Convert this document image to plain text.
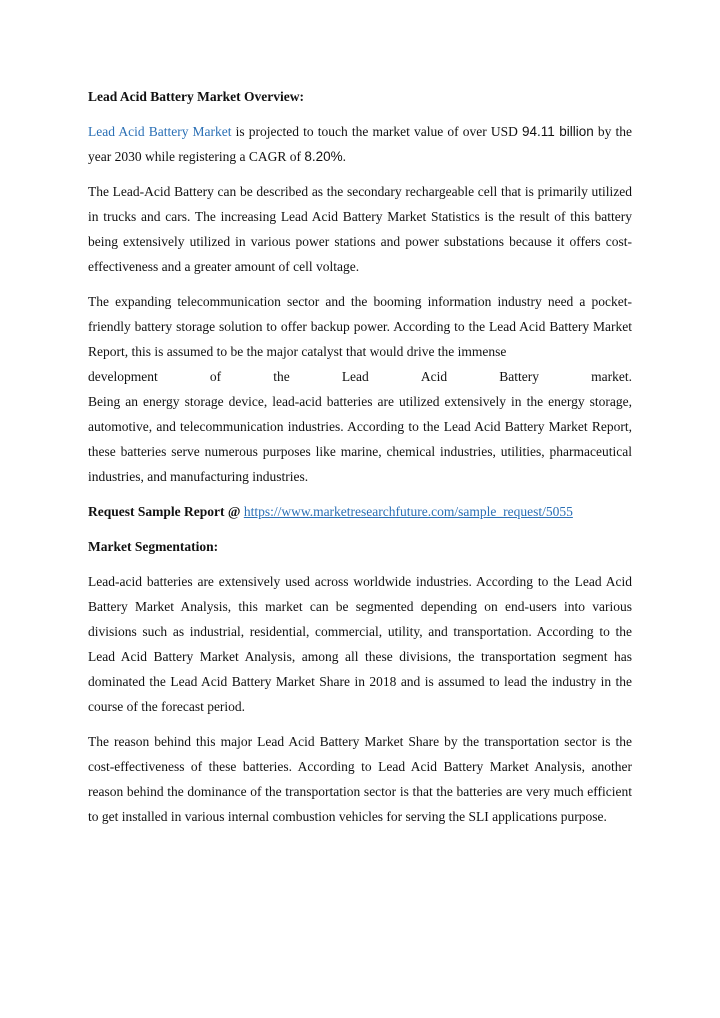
Lead Acid Battery Market Overview:

Lead Acid Battery Market is projected to touch the market value of over USD 94.11 billion by the year 2030 while registering a CAGR of 8.20%.

The Lead-Acid Battery can be described as the secondary rechargeable cell that is primarily utilized in trucks and cars. The increasing Lead Acid Battery Market Statistics is the result of this battery being extensively utilized in various power stations and power substations because it offers cost-effectiveness and a greater amount of cell voltage.

The expanding telecommunication sector and the booming information industry need a pocket-friendly battery storage solution to offer backup power. According to the Lead Acid Battery Market Report, this is assumed to be the major catalyst that would drive the immense

development	of	the	Lead	Acid	Battery	market.

Being an energy storage device, lead-acid batteries are utilized extensively in the energy storage, automotive, and telecommunication industries. According to the Lead Acid Battery Market Report, these batteries serve numerous purposes like marine, chemical industries, utilities, pharmaceutical industries, and manufacturing industries.

Request Sample Report @ https://www.marketresearchfuture.com/sample_request/5055

Market Segmentation:

Lead-acid batteries are extensively used across worldwide industries. According to the Lead Acid Battery Market Analysis, this market can be segmented depending on end-users into various divisions such as industrial, residential, commercial, utility, and transportation. According to the Lead Acid Battery Market Analysis, among all these divisions, the transportation segment has dominated the Lead Acid Battery Market Share in 2018 and is assumed to lead the industry in the course of the forecast period.

The reason behind this major Lead Acid Battery Market Share by the transportation sector is the cost-effectiveness of these batteries. According to Lead Acid Battery Market Analysis, another reason behind the dominance of the transportation sector is that the batteries are very much efficient to get installed in various internal combustion vehicles for serving the SLI applications purpose.
